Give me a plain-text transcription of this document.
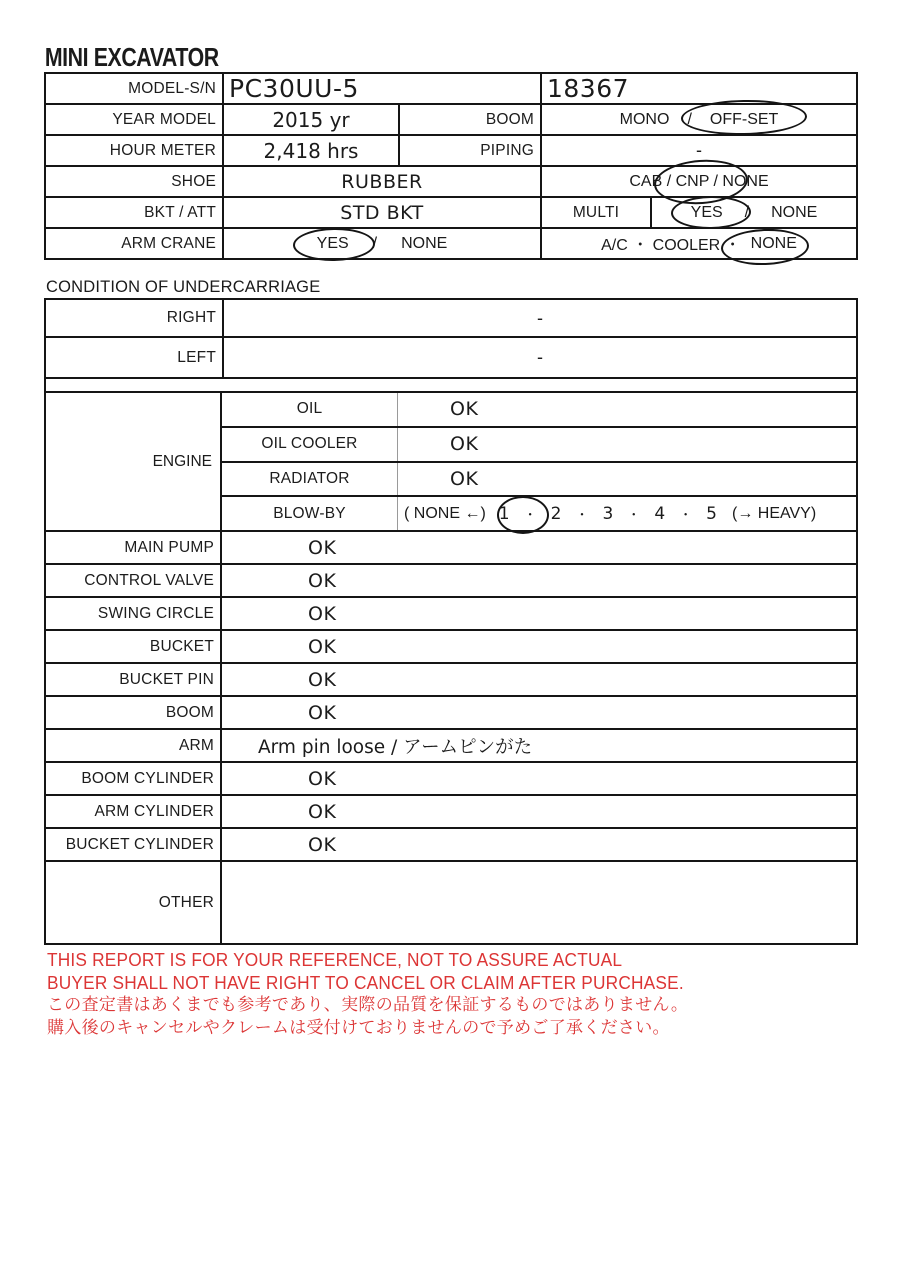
MINI EXCAVATOR
MODEL-S/N PC30UU-5	18367
YEAR MODEL	2015 yr	BOOM	MONO / OFF-SET
HOUR METER	2,418 hrs	PIPING	-
SHOE	RUBBER	CAB / CNP / NONE
BKT / ATT	STD BKT	MULTI	YES / NONE
ARM CRANE	YES / NONE	A/C ・ COOLER ・ NONE
CONDITION OF UNDERCARRIAGE
RIGHT	-
LEFT	-
ENGINE
OIL	OK
OIL COOLER	OK
RADIATOR	OK
BLOW-BY	( NONE ←) 1 ・ 2 ・ 3 ・ 4 ・ 5 (→ HEAVY)
MAIN PUMP	OK
CONTROL VALVE	OK
SWING CIRCLE	OK
BUCKET	OK
BUCKET PIN	OK
BOOM	OK
ARM	Arm pin loose / アームピンがた
BOOM CYLINDER	OK
ARM CYLINDER	OK
BUCKET CYLINDER	OK
OTHER
THIS REPORT IS FOR YOUR REFERENCE, NOT TO ASSURE ACTUAL
BUYER SHALL NOT HAVE RIGHT TO CANCEL OR CLAIM AFTER PURCHASE.
この査定書はあくまでも参考であり、実際の品質を保証するものではありません。
購入後のキャンセルやクレームは受付けておりませんので予めご了承ください。
